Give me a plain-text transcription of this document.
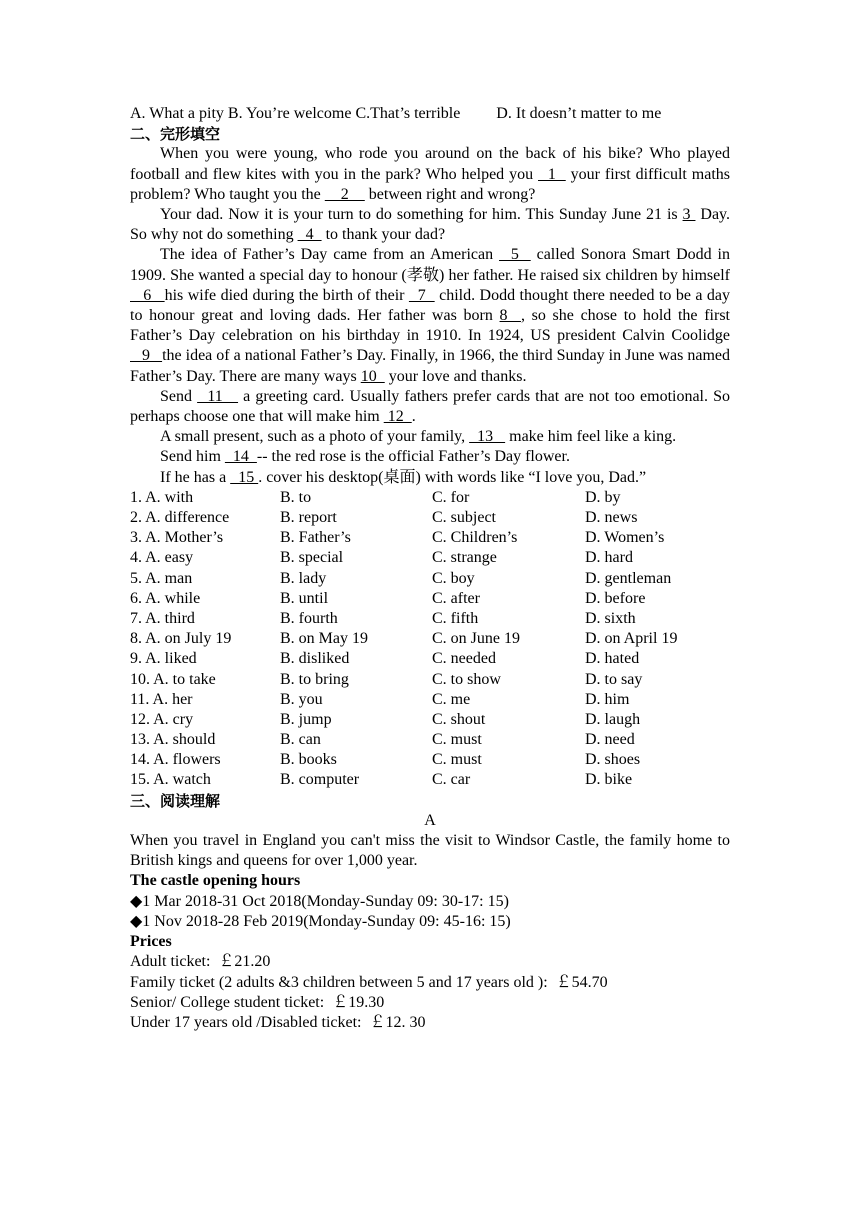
A. What a pity B. You’re welcome C.That’s terrible         D. It doesn’t matter to me
二、完形填空
When you were young, who rode you around on the back of his bike? Who played football and flew kites with you in the park? Who helped you   1   your first difficult maths problem? Who taught you the     2     between right and wrong?
Your dad. Now it is your turn to do something for him. This Sunday June 21 is 3  Day. So why not do something   4   to thank your dad?
The idea of Father’s Day came from an American   5   called Sonora Smart Dodd in 1909. She wanted a special day to honour (孝敬) her father. He raised six children by himself   6   his wife died during the birth of their   7   child. Dodd thought there needed to be a day to honour great and loving dads. Her father was born 8  , so she chose to hold the first Father’s Day celebration on his birthday in 1910. In 1924, US president Calvin Coolidge   9   the idea of a national Father’s Day. Finally, in 1966, the third Sunday in June was named Father’s Day. There are many ways 10   your love and thanks.
Send   11    a greeting card. Usually fathers prefer cards that are not too emotional. So perhaps choose one that will make him  12  .
A small present, such as a photo of your family,   13    make him feel like a king.
Send him   14  -- the red rose is the official Father’s Day flower.
If he has a   15 . cover his desktop(桌面) with words like “I love you, Dad.”
1. A. with	B. to	C. for	D. by
2. A. difference	B. report	C. subject	D. news
3. A. Mother’s	B. Father’s	C. Children’s	D. Women’s
4. A. easy	B. special	C. strange	D. hard
5. A. man	B. lady	C. boy	D. gentleman
6. A. while	B. until	C. after	D. before
7. A. third	B. fourth	C. fifth	D. sixth
8. A. on July 19	B. on May 19	C. on June 19	D. on April 19
9. A. liked	B. disliked	C. needed	D. hated
10. A. to take	B. to bring	C. to show	D. to say
11. A. her	B. you	C. me	D. him
12. A. cry	B. jump	C. shout	D. laugh
13. A. should	B. can	C. must	D. need
14. A. flowers	B. books	C. must	D. shoes
15. A. watch	B. computer	C. car	D. bike
三、阅读理解
A
When you travel in England you can't miss the visit to Windsor Castle, the family home to British kings and queens for over 1,000 year.
The castle opening hours
◆1 Mar 2018-31 Oct 2018(Monday-Sunday 09: 30-17: 15)
◆1 Nov 2018-28 Feb 2019(Monday-Sunday 09: 45-16: 15)
Prices
Adult ticket:  ￡21.20
Family ticket (2 adults &3 children between 5 and 17 years old ):  ￡54.70
Senior/ College student ticket:  ￡19.30
Under 17 years old /Disabled ticket:  ￡12. 30
